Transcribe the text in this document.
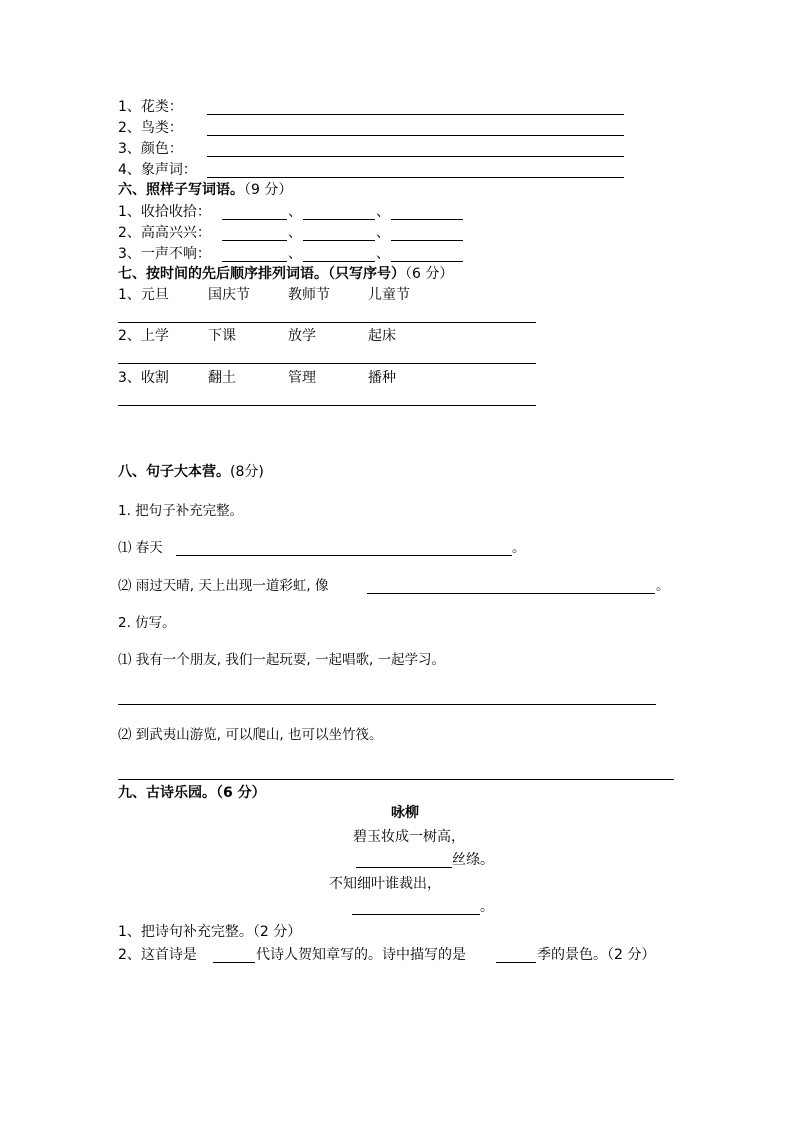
1、花类：
2、鸟类：
3、颜色：
4、象声词：
六、照样子写词语。（9 分）
1、收拾收拾：	、	、
2、高高兴兴：	、	、
3、一声不响：	、	、
七、按时间的先后顺序排列词语。（只写序号）（6 分）
1、元旦	国庆节	教师节	儿童节
2、上学	下课	放学	起床
3、收割	翻土	管理	播种
八、句子大本营。(8分)
1. 把句子补充完整。
⑴ 春天	。
⑵ 雨过天晴, 天上出现一道彩虹, 像	。
2. 仿写。
⑴ 我有一个朋友, 我们一起玩耍, 一起唱歌, 一起学习。
⑵ 到武夷山游览, 可以爬山, 也可以坐竹筏。
九、古诗乐园。（6 分）
咏柳
碧玉妆成一树高，
丝绦。
不知细叶谁裁出，
。
1、把诗句补充完整。（2 分）
2、这首诗是	代诗人贺知章写的。诗中描写的是	季的景色。（2 分）
